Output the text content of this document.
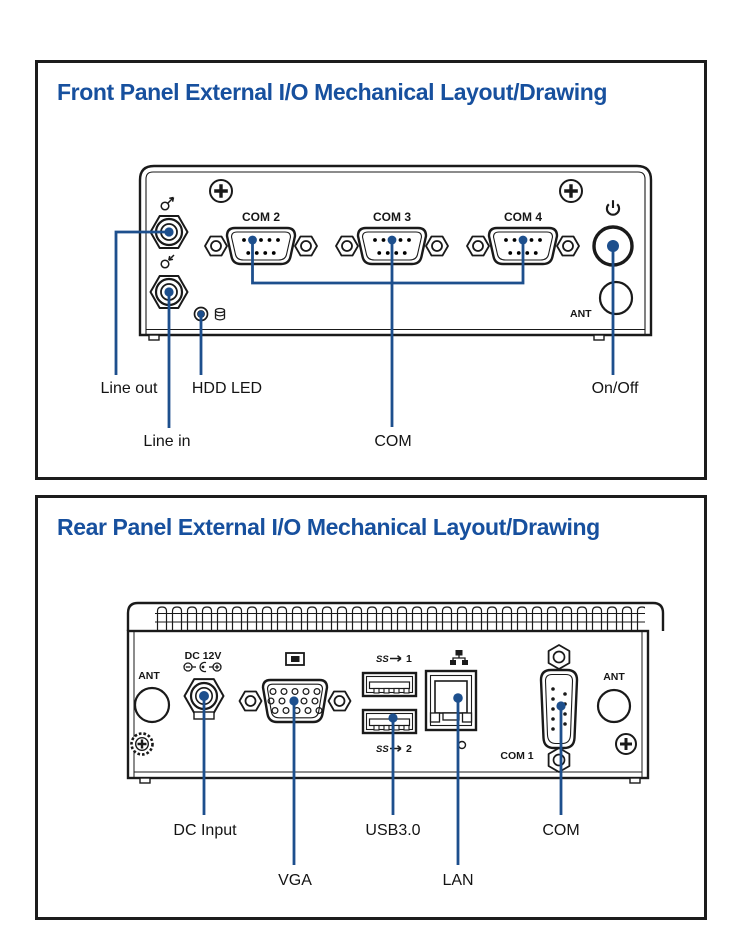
Front Panel External I/O Mechanical Layout/Drawing
COM 2	COM 3	COM 4
ANT
Line out HDD LED	On/Off
Line in	COM
Rear Panel External I/O Mechanical Layout/Drawing
ANT
DC 12V	SS 1
SS 2
COM 1
ANT
DC Input	USB3.0	COM
VGA	LAN
